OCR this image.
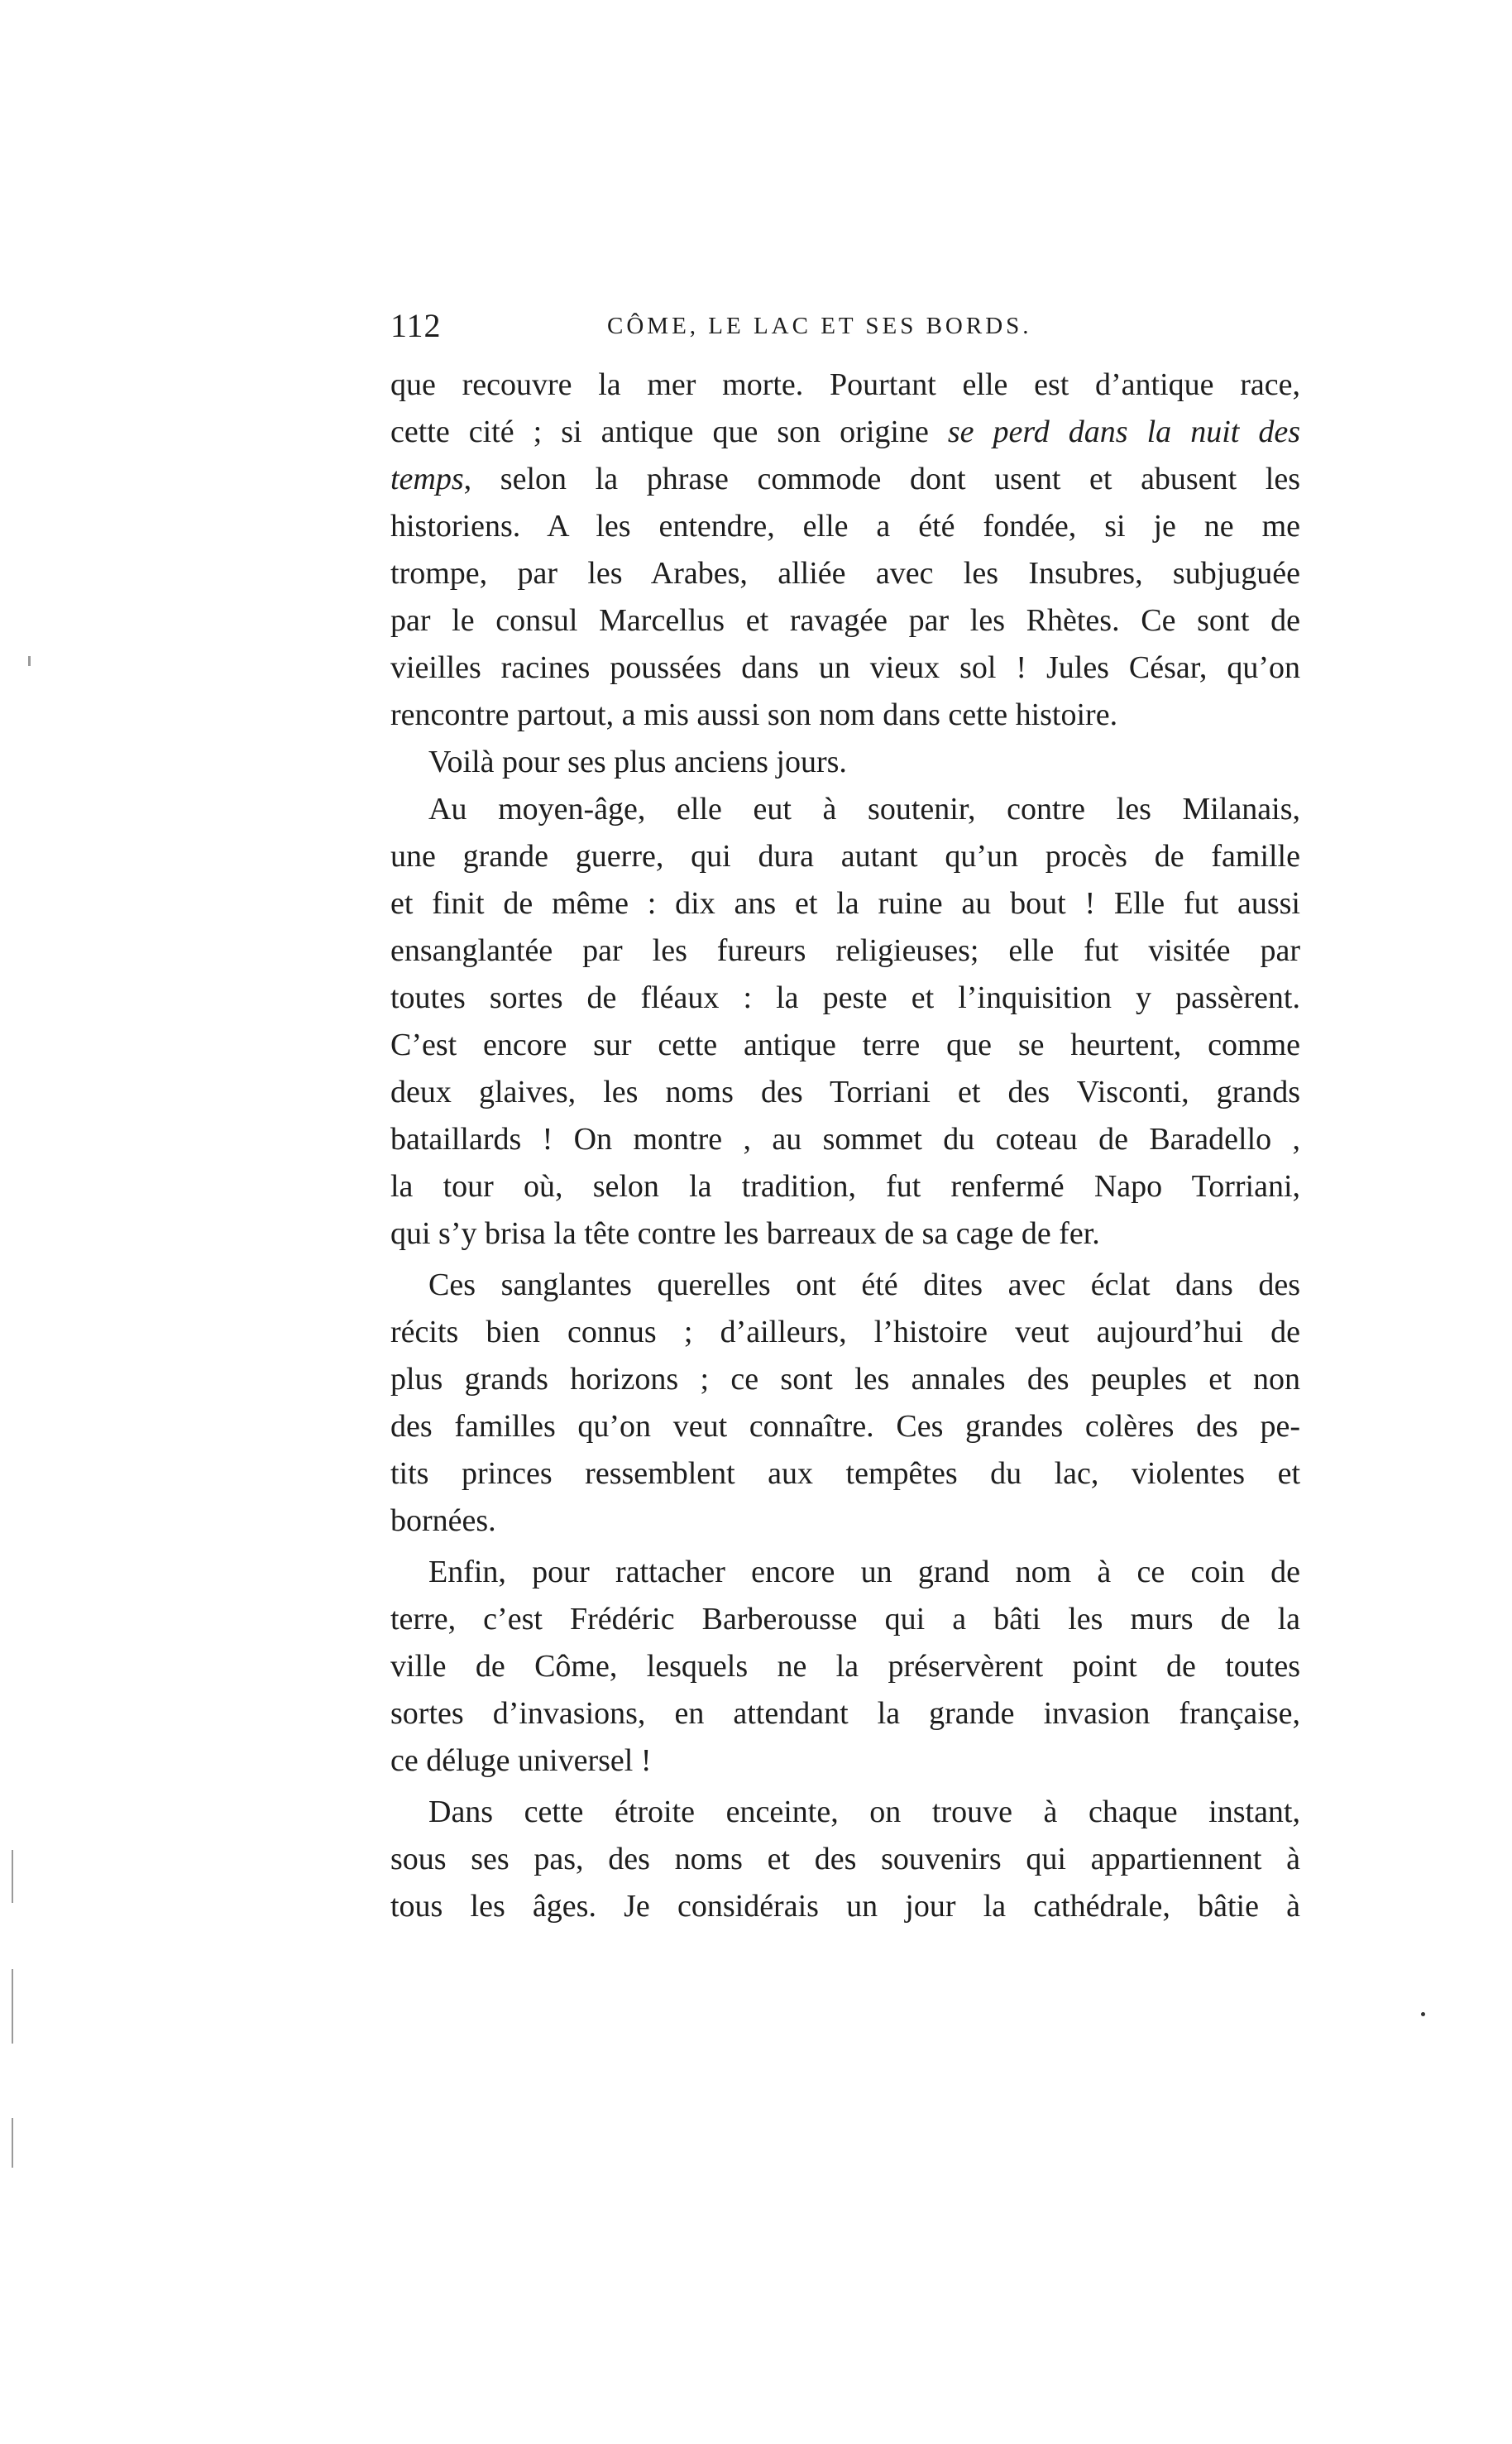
112	CÔME, LE LAC ET SES BORDS.
que recouvre la mer morte. Pourtant elle est d’antique race,
cette cité ; si antique que son origine se perd dans la nuit des
temps, selon la phrase commode dont usent et abusent les
historiens. A les entendre, elle a été fondée, si je ne me
trompe, par les Arabes, alliée avec les Insubres, subjuguée
par le consul Marcellus et ravagée par les Rhètes. Ce sont de
vieilles racines poussées dans un vieux sol ! Jules César, qu’on
rencontre partout, a mis aussi son nom dans cette histoire.
Voilà pour ses plus anciens jours.
Au moyen-âge, elle eut à soutenir, contre les Milanais,
une grande guerre, qui dura autant qu’un procès de famille
et finit de même : dix ans et la ruine au bout ! Elle fut aussi
ensanglantée par les fureurs religieuses; elle fut visitée par
toutes sortes de fléaux : la peste et l’inquisition y passèrent.
C’est encore sur cette antique terre que se heurtent, comme
deux glaives, les noms des Torriani et des Visconti, grands
bataillards ! On montre , au sommet du coteau de Baradello ,
la tour où, selon la tradition, fut renfermé Napo Torriani,
qui s’y brisa la tête contre les barreaux de sa cage de fer.
Ces sanglantes querelles ont été dites avec éclat dans des
récits bien connus ; d’ailleurs, l’histoire veut aujourd’hui de
plus grands horizons ; ce sont les annales des peuples et non
des familles qu’on veut connaître. Ces grandes colères des pe-
tits princes ressemblent aux tempêtes du lac, violentes et
bornées.
Enfin, pour rattacher encore un grand nom à ce coin de
terre, c’est Frédéric Barberousse qui a bâti les murs de la
ville de Côme, lesquels ne la préservèrent point de toutes
sortes d’invasions, en attendant la grande invasion française,
ce déluge universel !
Dans cette étroite enceinte, on trouve à chaque instant,
sous ses pas, des noms et des souvenirs qui appartiennent à
tous les âges. Je considérais un jour la cathédrale, bâtie à
